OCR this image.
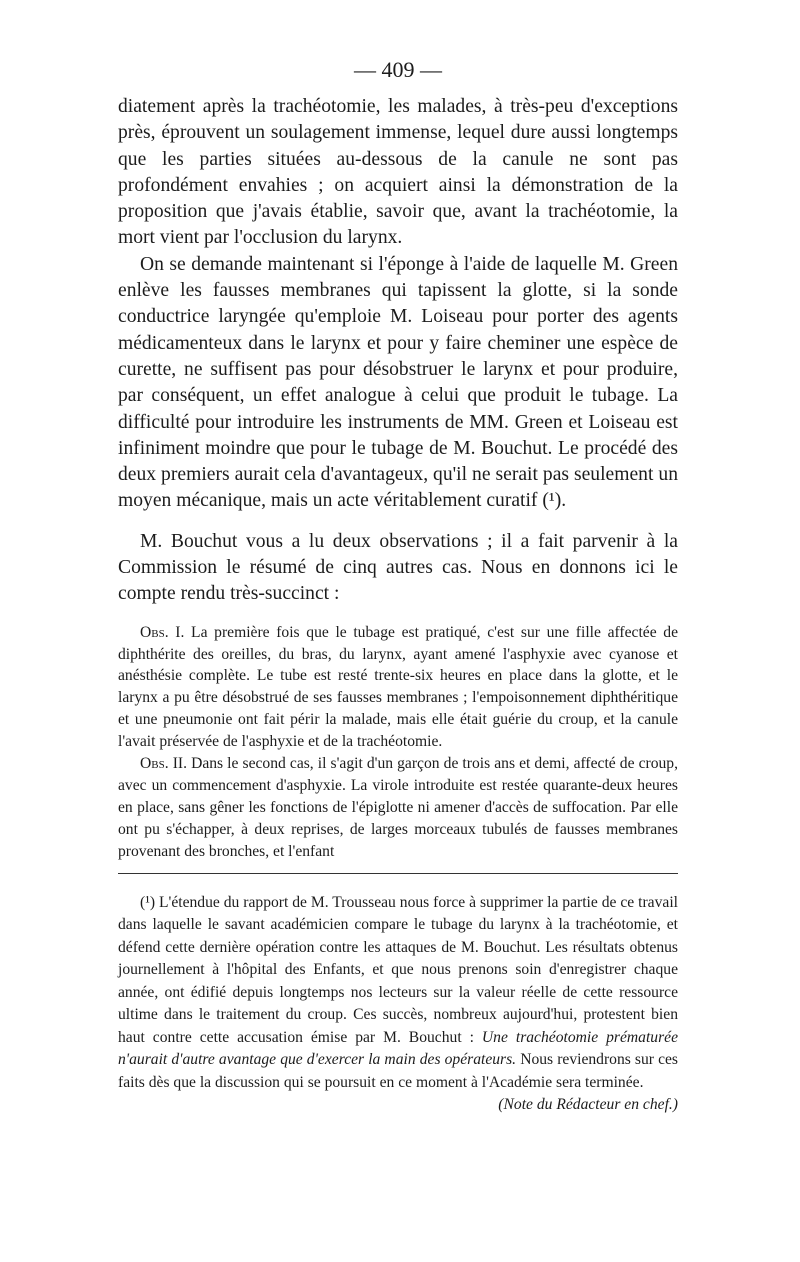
— 409 —

diatement après la trachéotomie, les malades, à très-peu d'exceptions près, éprouvent un soulagement immense, lequel dure aussi longtemps que les parties situées au-dessous de la canule ne sont pas profondément envahies ; on acquiert ainsi la démonstration de la proposition que j'avais établie, savoir que, avant la trachéotomie, la mort vient par l'occlusion du larynx.

On se demande maintenant si l'éponge à l'aide de laquelle M. Green enlève les fausses membranes qui tapissent la glotte, si la sonde conductrice laryngée qu'emploie M. Loiseau pour porter des agents médicamenteux dans le larynx et pour y faire cheminer une espèce de curette, ne suffisent pas pour désobstruer le larynx et pour produire, par conséquent, un effet analogue à celui que produit le tubage. La difficulté pour introduire les instruments de MM. Green et Loiseau est infiniment moindre que pour le tubage de M. Bouchut. Le procédé des deux premiers aurait cela d'avantageux, qu'il ne serait pas seulement un moyen mécanique, mais un acte véritablement curatif (¹).

M. Bouchut vous a lu deux observations ; il a fait parvenir à la Commission le résumé de cinq autres cas. Nous en donnons ici le compte rendu très-succinct :

Obs. I. La première fois que le tubage est pratiqué, c'est sur une fille affectée de diphthérite des oreilles, du bras, du larynx, ayant amené l'asphyxie avec cyanose et anésthésie complète. Le tube est resté trente-six heures en place dans la glotte, et le larynx a pu être désobstrué de ses fausses membranes ; l'empoisonnement diphthéritique et une pneumonie ont fait périr la malade, mais elle était guérie du croup, et la canule l'avait préservée de l'asphyxie et de la trachéotomie.

Obs. II. Dans le second cas, il s'agit d'un garçon de trois ans et demi, affecté de croup, avec un commencement d'asphyxie. La virole introduite est restée quarante-deux heures en place, sans gêner les fonctions de l'épiglotte ni amener d'accès de suffocation. Par elle ont pu s'échapper, à deux reprises, de larges morceaux tubulés de fausses membranes provenant des bronches, et l'enfant

(¹) L'étendue du rapport de M. Trousseau nous force à supprimer la partie de ce travail dans laquelle le savant académicien compare le tubage du larynx à la trachéotomie, et défend cette dernière opération contre les attaques de M. Bouchut. Les résultats obtenus journellement à l'hôpital des Enfants, et que nous prenons soin d'enregistrer chaque année, ont édifié depuis longtemps nos lecteurs sur la valeur réelle de cette ressource ultime dans le traitement du croup. Ces succès, nombreux aujourd'hui, protestent bien haut contre cette accusation émise par M. Bouchut : Une trachéotomie prématurée n'aurait d'autre avantage que d'exercer la main des opérateurs. Nous reviendrons sur ces faits dès que la discussion qui se poursuit en ce moment à l'Académie sera terminée.
(Note du Rédacteur en chef.)
